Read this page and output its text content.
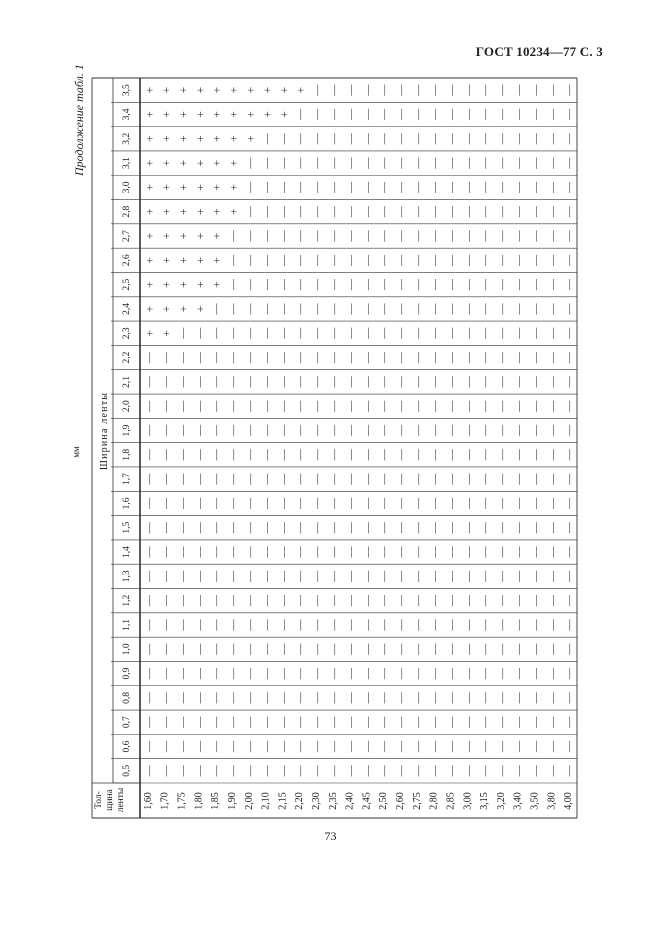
ГОСТ 10234—77 С. 3
Продолжение табл. 1
мм Ширина ленты
Тол- щина ленты
0,5
0,6
0,7
0,8
0,9
1,0
1,1
1,2
1,3
1,4
1,5
1,6
1,7
1,8
1,9
2,0
2,1
2,2
2,3
2,4
2,5
2,6
2,7
2,8
3,0
3,1
3,2
3,4
3,5
1,60 1,70 1,75 1,80 1,85 1,90 2,00 2,10 2,15 2,20 2,30 2,35 2,40 2,45 2,50 2,60 2,75 2,80 2,85 3,00 3,15 3,20 3,40 3,50 3,80 4,00
— — — — — — — — — — — — — — — — — — — — — — — — — —
— — — — — — — — — — — — — — — — — — — — — — — — — —
— — — — — — — — — — — — — — — — — — — — — — — — — —
— — — — — — — — — — — — — — — — — — — — — — — — — —
— — — — — — — — — — — — — — — — — — — — — — — — — —
— — — — — — — — — — — — — — — — — — — — — — — — — —
— — — — — — — — — — — — — — — — — — — — — — — — — —
— — — — — — — — — — — — — — — — — — — — — — — — — —
— — — — — — — — — — — — — — — — — — — — — — — — — —
— — — — — — — — — — — — — — — — — — — — — — — — — —
— — — — — — — — — — — — — — — — — — — — — — — — — —
— — — — — — — — — — — — — — — — — — — — — — — — — —
— — — — — — — — — — — — — — — — — — — — — — — — — —
— — — — — — — — — — — — — — — — — — — — — — — — — —
— — — — — — — — — — — — — — — — — — — — — — — — — —
— — — — — — — — — — — — — — — — — — — — — — — — — —
— — — — — — — — — — — — — — — — — — — — — — — — — —
— — — — — — — — — — — — — — — — — — — — — — — — — —
+ + — — — — — — — — — — — — — — — — — — — — — — — —
+ + + + — — — — — — — — — — — — — — — — — — — — — —
+ + + + + — — — — — — — — — — — — — — — — — — — — —
+ + + + + — — — — — — — — — — — — — — — — — — — — —
+ + + + + — — — — — — — — — — — — — — — — — — — — —
+ + + + + + — — — — — — — — — — — — — — — — — — — —
+ + + + + + — — — — — — — — — — — — — — — — — — — —
+ + + + + + — — — — — — — — — — — — — — — — — — — —
+ + + + + + + — — — — — — — — — — — — — — — — — — —
+ + + + + + + + + — — — — — — — — — — — — — — — — —
+ + + + + + + + + + — — — — — — — — — — — — — — — —
73
